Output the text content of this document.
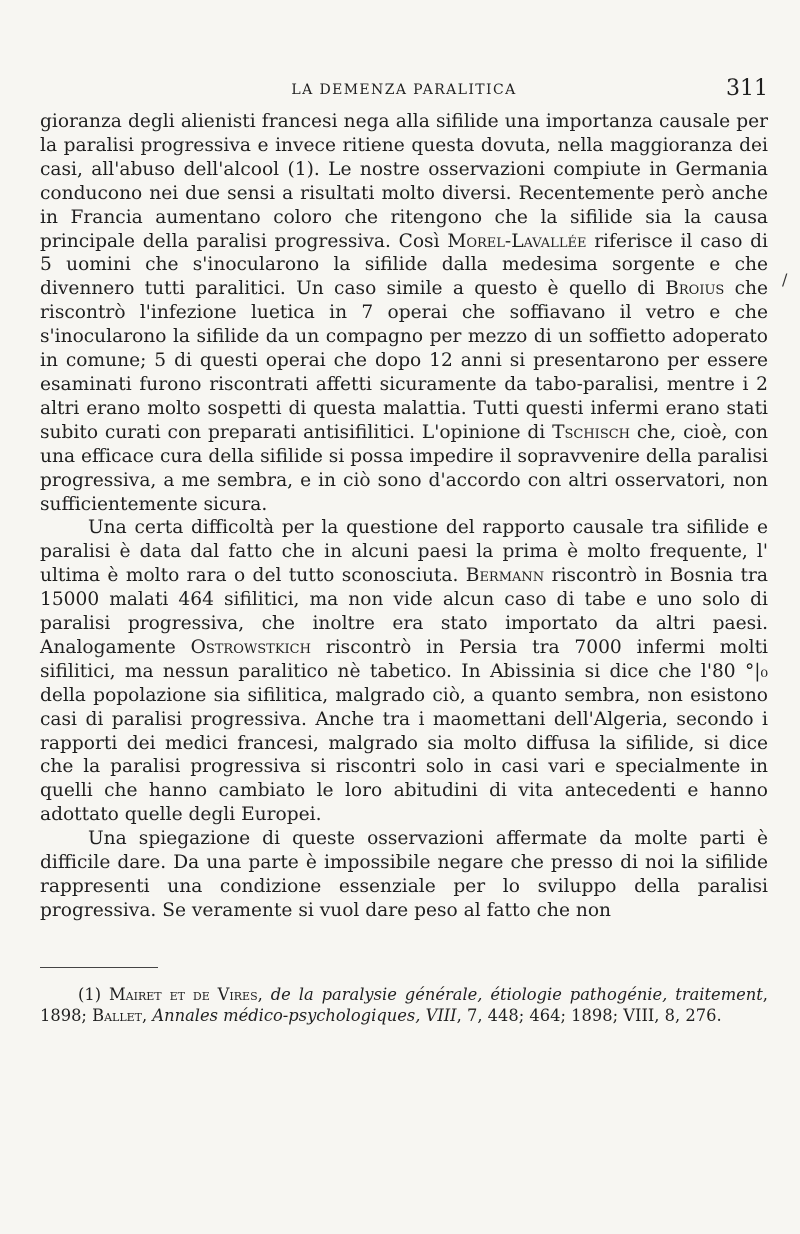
LA DEMENZA PARALITICA	311

gioranza degli alienisti francesi nega alla sifilide una importanza causale per la paralisi progressiva e invece ritiene questa dovuta, nella maggioranza dei casi, all'abuso dell'alcool (1). Le nostre osservazioni compiute in Germania conducono nei due sensi a risultati molto diversi. Recentemente però anche in Francia aumentano coloro che ritengono che la sifilide sia la causa principale della paralisi progressiva. Così Morel-Lavallée riferisce il caso di 5 uomini che s'inocularono la sifilide dalla medesima sorgente e che divennero tutti paralitici. Un caso simile a questo è quello di Broius che riscontrò l'infezione luetica in 7 operai che soffiavano il vetro e che s'inocularono la sifilide da un compagno per mezzo di un soffietto adoperato in comune; 5 di questi operai che dopo 12 anni si presentarono per essere esaminati furono riscontrati affetti sicuramente da tabo-paralisi, mentre i 2 altri erano molto sospetti di questa malattia. Tutti questi infermi erano stati subito curati con preparati antisifilitici. L'opinione di Tschisch che, cioè, con una efficace cura della sifilide si possa impedire il sopravvenire della paralisi progressiva, a me sembra, e in ciò sono d'accordo con altri osservatori, non sufficientemente sicura.

Una certa difficoltà per la questione del rapporto causale tra sifilide e paralisi è data dal fatto che in alcuni paesi la prima è molto frequente, l' ultima è molto rara o del tutto sconosciuta. Bermann riscontrò in Bosnia tra 15000 malati 464 sifilitici, ma non vide alcun caso di tabe e uno solo di paralisi progressiva, che inoltre era stato importato da altri paesi. Analogamente Ostrowstkich riscontrò in Persia tra 7000 infermi molti sifilitici, ma nessun paralitico nè tabetico. In Abissinia si dice che l'80 °|₀ della popolazione sia sifilitica, malgrado ciò, a quanto sembra, non esistono casi di paralisi progressiva. Anche tra i maomettani dell'Algeria, secondo i rapporti dei medici francesi, malgrado sia molto diffusa la sifilide, si dice che la paralisi progressiva si riscontri solo in casi vari e specialmente in quelli che hanno cambiato le loro abitudini di vita antecedenti e hanno adottato quelle degli Europei.

Una spiegazione di queste osservazioni affermate da molte parti è difficile dare. Da una parte è impossibile negare che presso di noi la sifilide rappresenti una condizione essenziale per lo sviluppo della paralisi progressiva. Se veramente si vuol dare peso al fatto che non

(1) Mairet et de Vires, de la paralysie générale, étiologie pathogénie, traitement, 1898; Ballet, Annales médico-psychologiques, VIII, 7, 448; 464; 1898; VIII, 8, 276.

/
